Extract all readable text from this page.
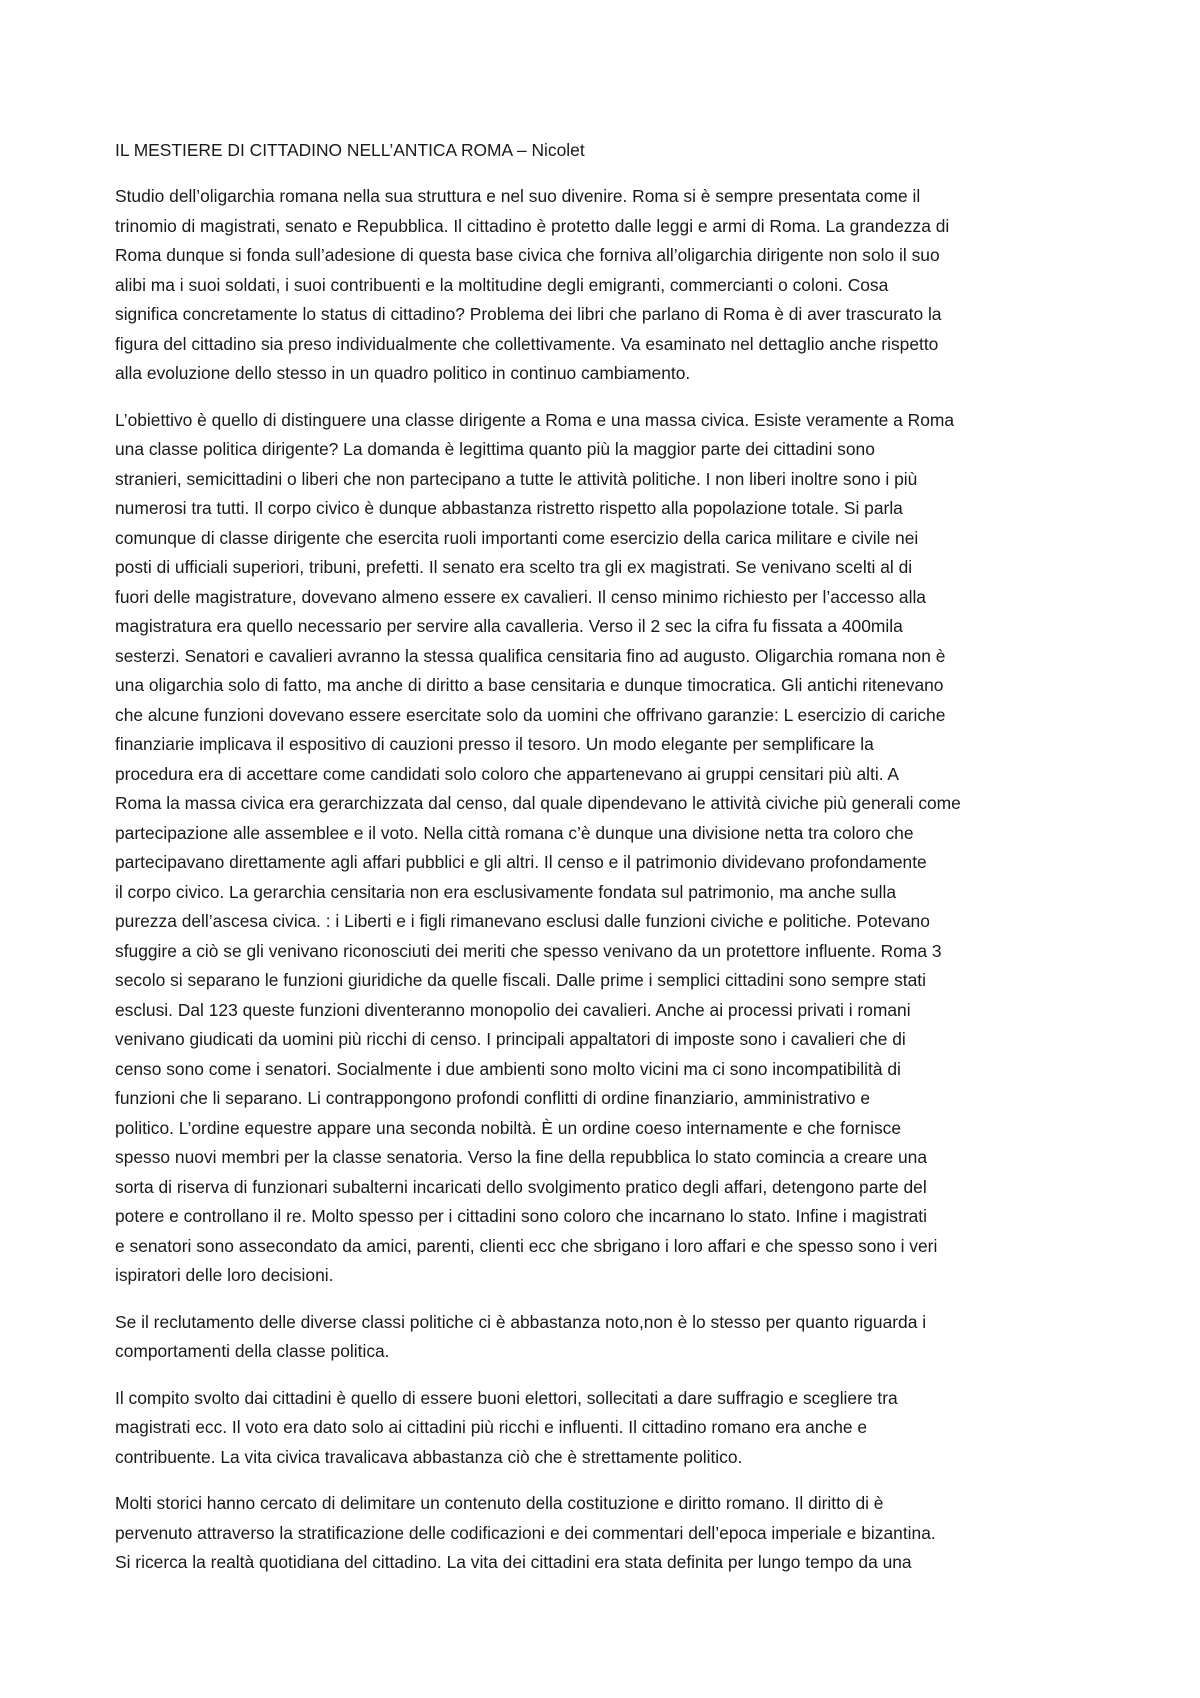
IL MESTIERE DI CITTADINO NELL’ANTICA ROMA – Nicolet
Studio dell’oligarchia romana nella sua struttura e nel suo divenire. Roma si è sempre presentata come il
trinomio di magistrati, senato e Repubblica. Il cittadino è protetto dalle leggi e armi di Roma. La grandezza di
Roma dunque si fonda sull’adesione di questa base civica che forniva all’oligarchia dirigente non solo il suo
alibi ma i suoi soldati, i suoi contribuenti e la moltitudine degli emigranti, commercianti o coloni. Cosa
significa concretamente lo status di cittadino? Problema dei libri che parlano di Roma è di aver trascurato la
figura del cittadino sia preso individualmente che collettivamente. Va esaminato nel dettaglio anche rispetto
alla evoluzione dello stesso in un quadro politico in continuo cambiamento.
L’obiettivo è quello di distinguere una classe dirigente a Roma e una massa civica. Esiste veramente a Roma
una classe politica dirigente? La domanda è legittima quanto più la maggior parte dei cittadini sono
stranieri, semicittadini o liberi che non partecipano a tutte le attività politiche. I non liberi inoltre sono i più
numerosi tra tutti. Il corpo civico è dunque abbastanza ristretto rispetto alla popolazione totale. Si parla
comunque di classe dirigente che esercita ruoli importanti come esercizio della carica militare e civile nei
posti di ufficiali superiori, tribuni, prefetti. Il senato era scelto tra gli ex magistrati. Se venivano scelti al di
fuori delle magistrature, dovevano almeno essere ex cavalieri. Il censo minimo richiesto per l’accesso alla
magistratura era quello necessario per servire alla cavalleria. Verso il 2 sec la cifra fu fissata a 400mila
sesterzi. Senatori e cavalieri avranno la stessa qualifica censitaria fino ad augusto. Oligarchia romana non è
una oligarchia solo di fatto, ma anche di diritto a base censitaria e dunque timocratica. Gli antichi ritenevano
che alcune funzioni dovevano essere esercitate solo da uomini che offrivano garanzie: L esercizio di cariche
finanziarie implicava il espositivo di cauzioni presso il tesoro. Un modo elegante per semplificare la
procedura era di accettare come candidati solo coloro che appartenevano ai gruppi censitari più alti. A
Roma la massa civica era gerarchizzata dal censo, dal quale dipendevano le attività civiche più generali come
partecipazione alle assemblee e il voto. Nella città romana c’è dunque una divisione netta tra coloro che
partecipavano direttamente agli affari pubblici e gli altri. Il censo e il patrimonio dividevano profondamente
il corpo civico. La gerarchia censitaria non era esclusivamente fondata sul patrimonio, ma anche sulla
purezza dell’ascesa civica. : i Liberti e i figli rimanevano esclusi dalle funzioni civiche e politiche. Potevano
sfuggire a ciò se gli venivano riconosciuti dei meriti che spesso venivano da un protettore influente. Roma 3
secolo si separano le funzioni giuridiche da quelle fiscali. Dalle prime i semplici cittadini sono sempre stati
esclusi. Dal 123 queste funzioni diventeranno monopolio dei cavalieri. Anche ai processi privati i romani
venivano giudicati da uomini più ricchi di censo. I principali appaltatori di imposte sono i cavalieri che di
censo sono come i senatori. Socialmente i due ambienti sono molto vicini ma ci sono incompatibilità di
funzioni che li separano. Li contrappongono profondi conflitti di ordine finanziario, amministrativo e
politico. L’ordine equestre appare una seconda nobiltà. È un ordine coeso internamente e che fornisce
spesso nuovi membri per la classe senatoria. Verso la fine della repubblica lo stato comincia a creare una
sorta di riserva di funzionari subalterni incaricati dello svolgimento pratico degli affari, detengono parte del
potere e controllano il re. Molto spesso per i cittadini sono coloro che incarnano lo stato. Infine i magistrati
e senatori sono assecondato da amici, parenti, clienti ecc che sbrigano i loro affari e che spesso sono i veri
ispiratori delle loro decisioni.
Se il reclutamento delle diverse classi politiche ci è abbastanza noto,non è lo stesso per quanto riguarda i
comportamenti della classe politica.
Il compito svolto dai cittadini è quello di essere buoni elettori, sollecitati a dare suffragio e scegliere tra
magistrati ecc. Il voto era dato solo ai cittadini più ricchi e influenti. Il cittadino romano era anche e
contribuente. La vita civica travalicava abbastanza ciò che è strettamente politico.
Molti storici hanno cercato di delimitare un contenuto della costituzione e diritto romano. Il diritto di è
pervenuto attraverso la stratificazione delle codificazioni e dei commentari dell’epoca imperiale e bizantina.
Si ricerca la realtà quotidiana del cittadino. La vita dei cittadini era stata definita per lungo tempo da una
